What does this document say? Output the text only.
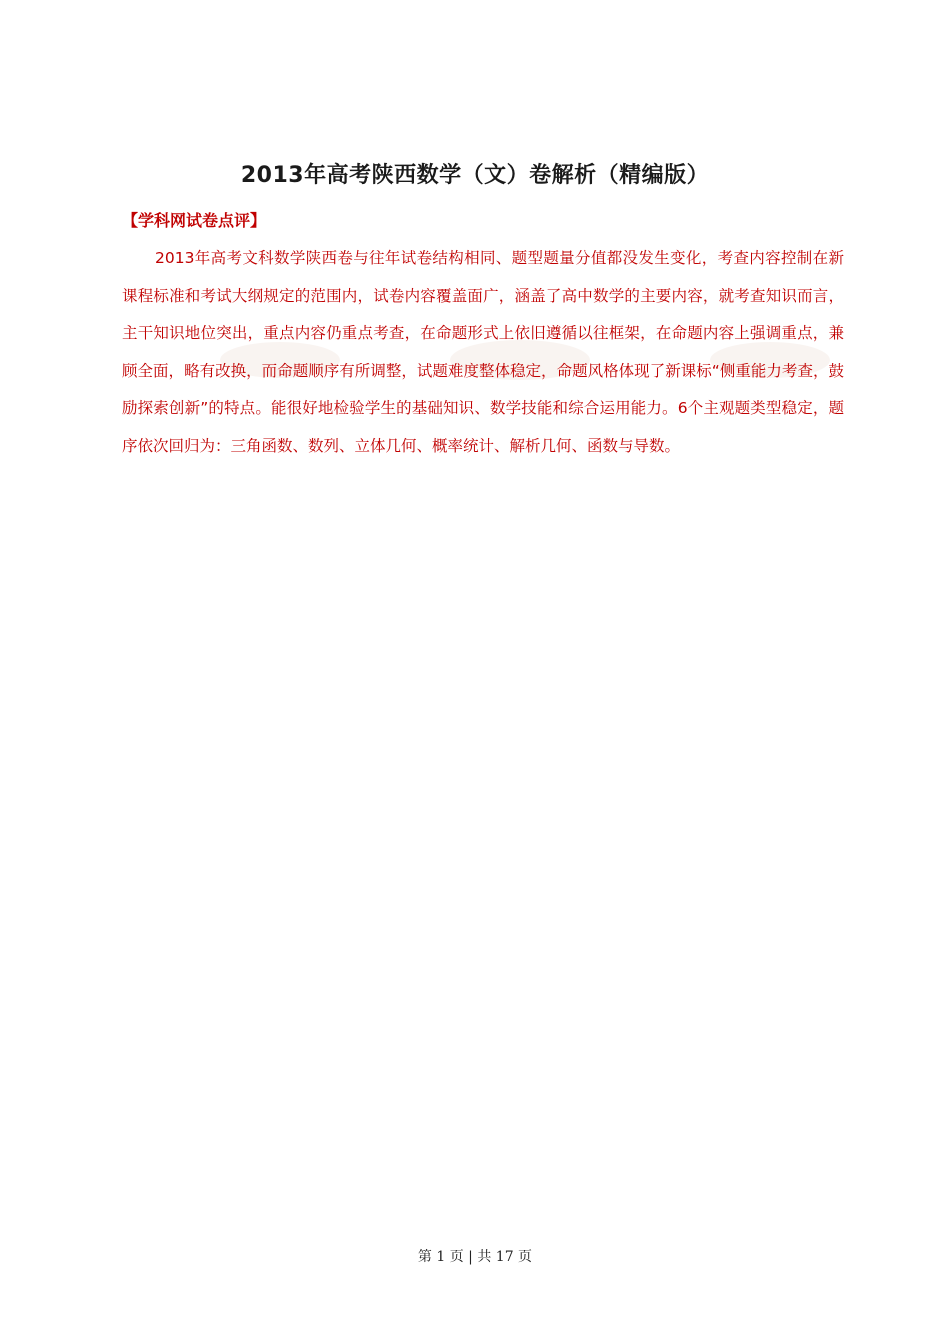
2013年高考陕西数学（文）卷解析（精编版）
【学科网试卷点评】
2013年高考文科数学陕西卷与往年试卷结构相同、题型题量分值都没发生变化，考查内容控制在新课程标准和考试大纲规定的范围内，试卷内容覆盖面广，涵盖了高中数学的主要内容，就考查知识而言，主干知识地位突出，重点内容仍重点考查，在命题形式上依旧遵循以往框架，在命题内容上强调重点，兼顾全面，略有改换，而命题顺序有所调整，试题难度整体稳定，命题风格体现了新课标“侧重能力考查，鼓励探索创新”的特点。能很好地检验学生的基础知识、数学技能和综合运用能力。6个主观题类型稳定，题序依次回归为：三角函数、数列、立体几何、概率统计、解析几何、函数与导数。
第 1 页 | 共 17 页
